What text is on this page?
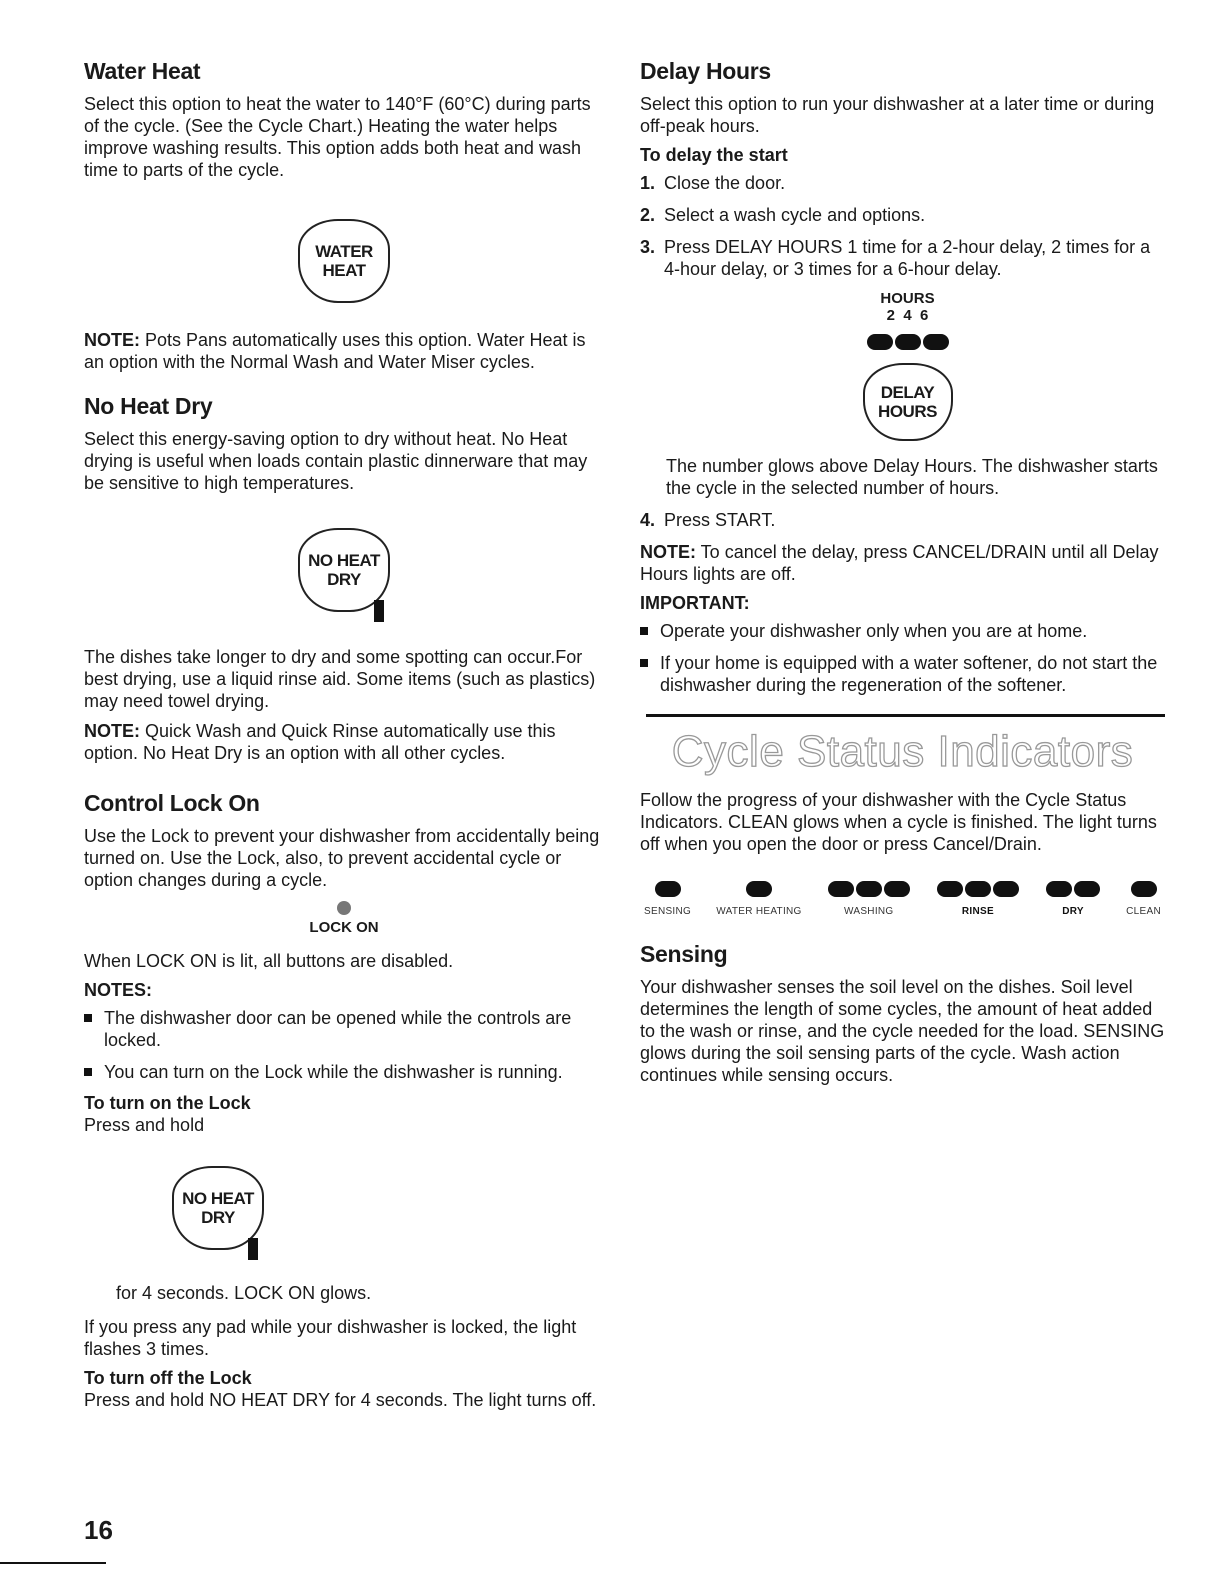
Water Heat

Select this option to heat the water to 140°F (60°C) during parts of the cycle. (See the Cycle Chart.) Heating the water helps improve washing results. This option adds both heat and wash time to parts of the cycle.

WATER
HEAT

NOTE: Pots Pans automatically uses this option. Water Heat is an option with the Normal Wash and Water Miser cycles.

No Heat Dry

Select this energy-saving option to dry without heat. No Heat drying is useful when loads contain plastic dinnerware that may be sensitive to high temperatures.

NO HEAT
DRY

The dishes take longer to dry and some spotting can occur.For best drying, use a liquid rinse aid. Some items (such as plastics) may need towel drying.

NOTE: Quick Wash and Quick Rinse automatically use this option. No Heat Dry is an option with all other cycles.

Control Lock On

Use the Lock to prevent your dishwasher from accidentally being turned on. Use the Lock, also, to prevent accidental cycle or option changes during a cycle.

LOCK ON

When LOCK ON is lit, all buttons are disabled.

NOTES:
The dishwasher door can be opened while the controls are locked.
You can turn on the Lock while the dishwasher is running.
To turn on the Lock

Press and hold

NO HEAT
DRY

for 4 seconds. LOCK ON glows.

If you press any pad while your dishwasher is locked, the light flashes 3 times.

To turn off the Lock

Press and hold NO HEAT DRY for 4 seconds. The light turns off.

Delay Hours

Select this option to run your dishwasher at a later time or during off-peak hours.

To delay the start
1. Close the door.
2. Select a wash cycle and options.
3. Press DELAY HOURS 1 time for a 2-hour delay, 2 times for a 4-hour delay, or 3 times for a 6-hour delay.
HOURS
2  4  6
DELAY
HOURS

The number glows above Delay Hours. The dishwasher starts the cycle in the selected number of hours.

4. Press START.

NOTE: To cancel the delay, press CANCEL/DRAIN until all Delay Hours lights are off.

IMPORTANT:
Operate your dishwasher only when you are at home.
If your home is equipped with a water softener, do not start the dishwasher during the regeneration of the softener.
Cycle Status Indicators

Follow the progress of your dishwasher with the Cycle Status Indicators. CLEAN glows when a cycle is finished. The light turns off when you open the door or press Cancel/Drain.

SENSING	WATER HEATING	WASHING	RINSE	DRY	CLEAN
Sensing

Your dishwasher senses the soil level on the dishes. Soil level determines the length of some cycles, the amount of heat added to the wash or rinse, and the cycle needed for the load. SENSING glows during the soil sensing parts of the cycle. Wash action continues while sensing occurs.

16
